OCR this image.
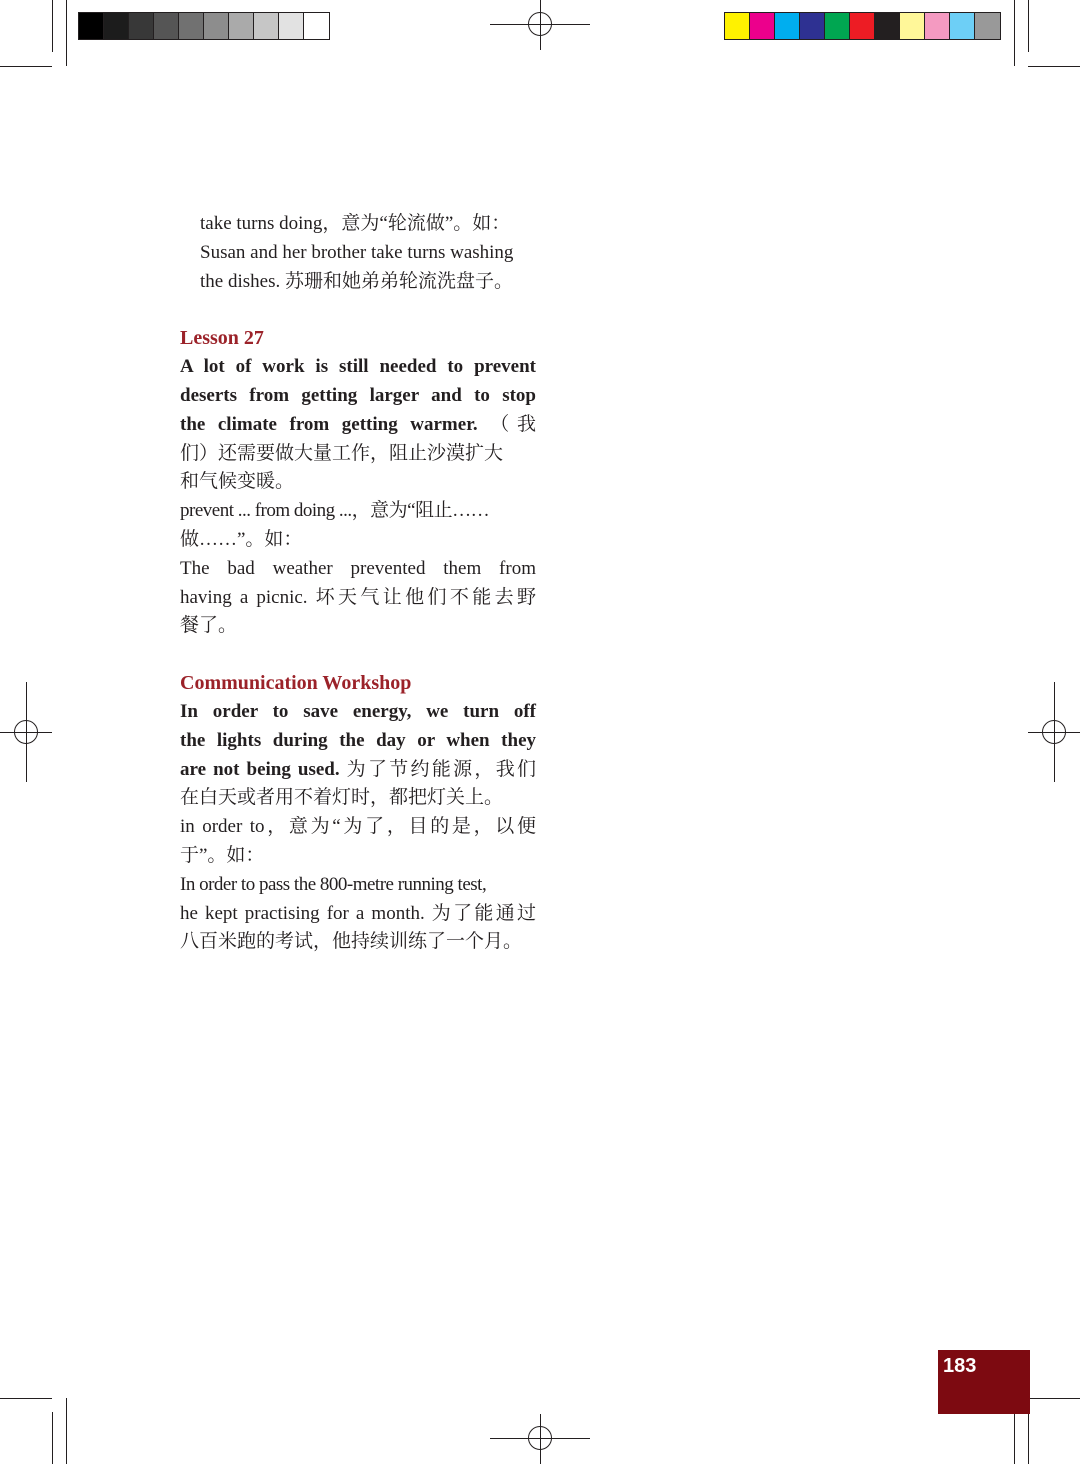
take turns doing，意为“轮流做”。如：
Susan and her brother take turns washing
the dishes. 苏珊和她弟弟轮流洗盘子。
Lesson 27
A lot of work is still needed to prevent
deserts from getting larger and to stop
the climate from getting warmer. （我
们）还需要做大量工作，阻止沙漠扩大
和气候变暖。
prevent ... from doing ...，意为“阻止……
做……”。如：
The bad weather prevented them from
having a picnic. 坏天气让他们不能去野
餐了。
Communication Workshop
In order to save energy, we turn off
the lights during the day or when they
are not being used. 为了节约能源，我们
在白天或者用不着灯时，都把灯关上。
in order to，意为“为了，目的是，以便
于”。如：
In order to pass the 800-metre running test,
he kept practising for a month. 为了能通过
八百米跑的考试，他持续训练了一个月。
183
